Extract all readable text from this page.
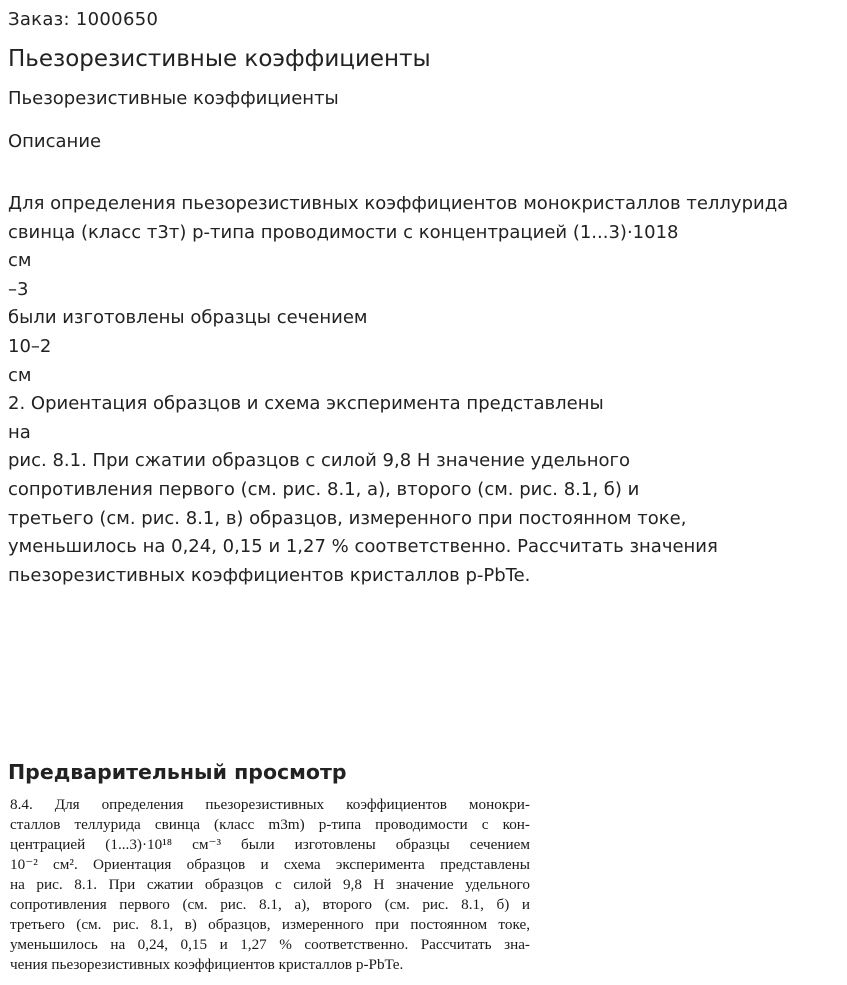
Заказ: 1000650
Пьезорезистивные коэффициенты
Пьезорезистивные коэффициенты
Описание
Для определения пьезорезистивных коэффициентов монокристаллов теллурида
свинца (класс т3т) р-типа проводимости с концентрацией (1...3)·1018
см
–3
были изготовлены образцы сечением
10–2
см
2. Ориентация образцов и схема эксперимента представлены
на
рис. 8.1. При сжатии образцов с силой 9,8 Н значение удельного
сопротивления первого (см. рис. 8.1, а), второго (см. рис. 8.1, б) и
третьего (см. рис. 8.1, в) образцов, измеренного при постоянном токе,
уменьшилось на 0,24, 0,15 и 1,27 % соответственно. Рассчитать значения
пьезорезистивных коэффициентов кристаллов p-PbTe.
Предварительный просмотр
8.4. Для определения пьезорезистивных коэффициентов монокри-
сталлов теллурида свинца (класс m3m) p-типа проводимости с кон-
центрацией (1...3)·10¹⁸ см⁻³ были изготовлены образцы сечением
10⁻² см². Ориентация образцов и схема эксперимента представлены
на рис. 8.1. При сжатии образцов с силой 9,8 Н значение удельного
сопротивления первого (см. рис. 8.1, а), второго (см. рис. 8.1, б) и
третьего (см. рис. 8.1, в) образцов, измеренного при постоянном токе,
уменьшилось на 0,24, 0,15 и 1,27 % соответственно. Рассчитать зна-
чения пьезорезистивных коэффициентов кристаллов p-PbTe.
